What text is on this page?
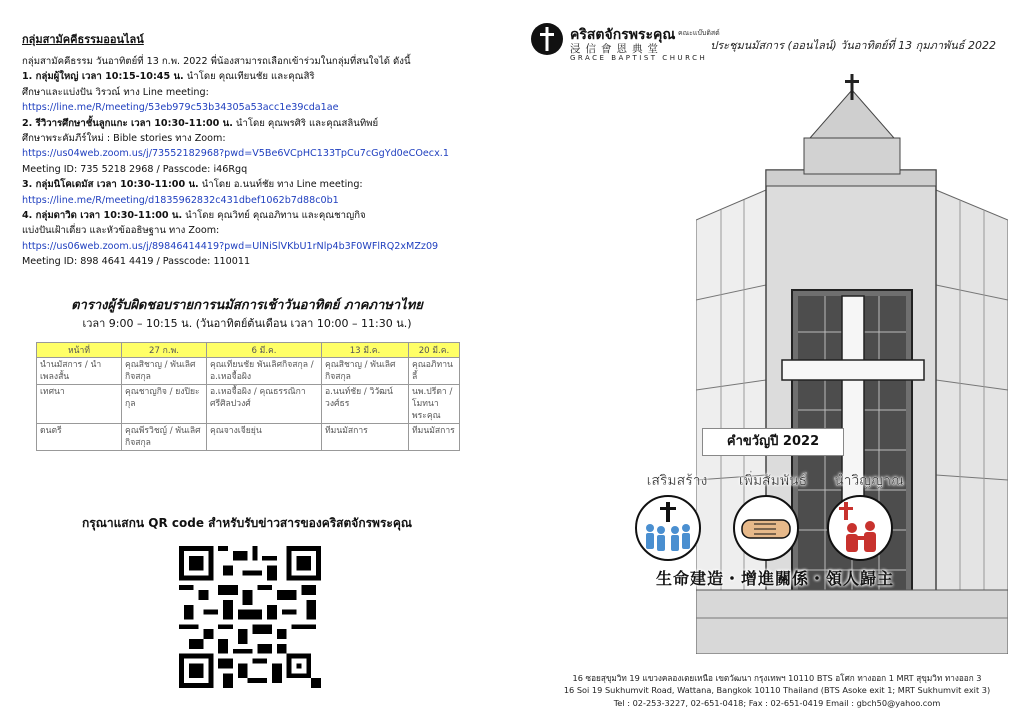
กลุ่มสามัคคีธรรมออนไลน์
กลุ่มสามัคคีธรรม วันอาทิตย์ที่ 13 ก.พ. 2022 พี่น้องสามารถเลือกเข้าร่วมในกลุ่มที่สนใจได้ ดังนี้
1. กลุ่มผู้ใหญ่ เวลา 10:15-10:45 น. นำโดย คุณเทียนชัย และคุณสิริ
ศึกษาและแบ่งปัน วิรวณ์ ทาง Line meeting:
https://line.me/R/meeting/53eb979c53b34305a53acc1e39cda1ae
2. รีวิวารศึกษาชั้นลูกแกะ เวลา 10:30-11:00 น. นำโดย คุณพรศิริ และคุณสลินทิพย์
ศึกษาพระคัมภีร์ใหม่ : Bible stories ทาง Zoom:
https://us04web.zoom.us/j/73552182968?pwd=V5Be6VCpHC133TpCu7cGgYd0eCOecx.1
Meeting ID: 735 5218 2968 / Passcode: i46Rgq
3. กลุ่มนิโคเดมัส เวลา 10:30-11:00 น. นำโดย อ.นนท์ชัย ทาง Line meeting:
https://line.me/R/meeting/d1835962832c431dbef1062b7d88c0b1
4. กลุ่มดาวิด เวลา 10:30-11:00 น. นำโดย คุณวิทย์ คุณอภิทาน และคุณชาญกิจ
แบ่งปันเฝ้าเดี่ยว และหัวข้ออธิษฐาน ทาง Zoom:
https://us06web.zoom.us/j/89846414419?pwd=UlNiSlVKbU1rNlp4b3F0WFlRQ2xMZz09
Meeting ID: 898 4641 4419 / Passcode: 110011
ตารางผู้รับผิดชอบรายการนมัสการเช้าวันอาทิตย์ ภาคภาษาไทย
เวลา 9:00 – 10:15 น. (วันอาทิตย์ต้นเดือน เวลา 10:00 – 11:30 น.)
หน้าที่	27 ก.พ.	6 มี.ค.	13 มี.ค.	20 มี.ค.
นำนมัสการ / นำเพลงสั้น	คุณสิชาญ / พันเลิศกิจสกุล	คุณเทียนชัย พันเลิศกิจสกุล / อ.เหอจื้อผิง	คุณสิชาญ / พันเลิศกิจสกุล	คุณอภิทาน ลี้
เทศนา	คุณชาญกิจ / ยงปิยะกุล	อ.เหอจื้อผิง / คุณธรรณิกา ศรีศิลปวงศ์	อ.นนท์ชัย / วิวัฒน์วงศ์ธร	นพ.ปรีดา / โมทนาพระคุณ
ดนตรี	คุณพีรวิชญ์ / พันเลิศกิจสกุล	คุณจางเจียยุ่น	ทีมนมัสการ	ทีมนมัสการ
กรุณาแสกน QR code สำหรับรับข่าวสารของคริสตจักรพระคุณ
คริสตจักรพระคุณ คณะแบ๊บติสต์
浸信會恩典堂
GRACE BAPTIST CHURCH
ประชุมนมัสการ (ออนไลน์) วันอาทิตย์ที่ 13 กุมภาพันธ์ 2022
คำขวัญปี 2022
เสริมสร้าง	เพิ่มสัมพันธ์	นำวิญญาณ
生命建造・增進關係・領人歸主
16 ซอยสุขุมวิท 19 แขวงคลองเตยเหนือ เขตวัฒนา กรุงเทพฯ 10110 BTS อโศก ทางออก 1 MRT สุขุมวิท ทางออก 3
16 Soi 19 Sukhumvit Road, Wattana, Bangkok 10110 Thailand (BTS Asoke exit 1; MRT Sukhumvit exit 3)
Tel : 02-253-3227, 02-651-0418; Fax : 02-651-0419 Email : gbch50@yahoo.com
